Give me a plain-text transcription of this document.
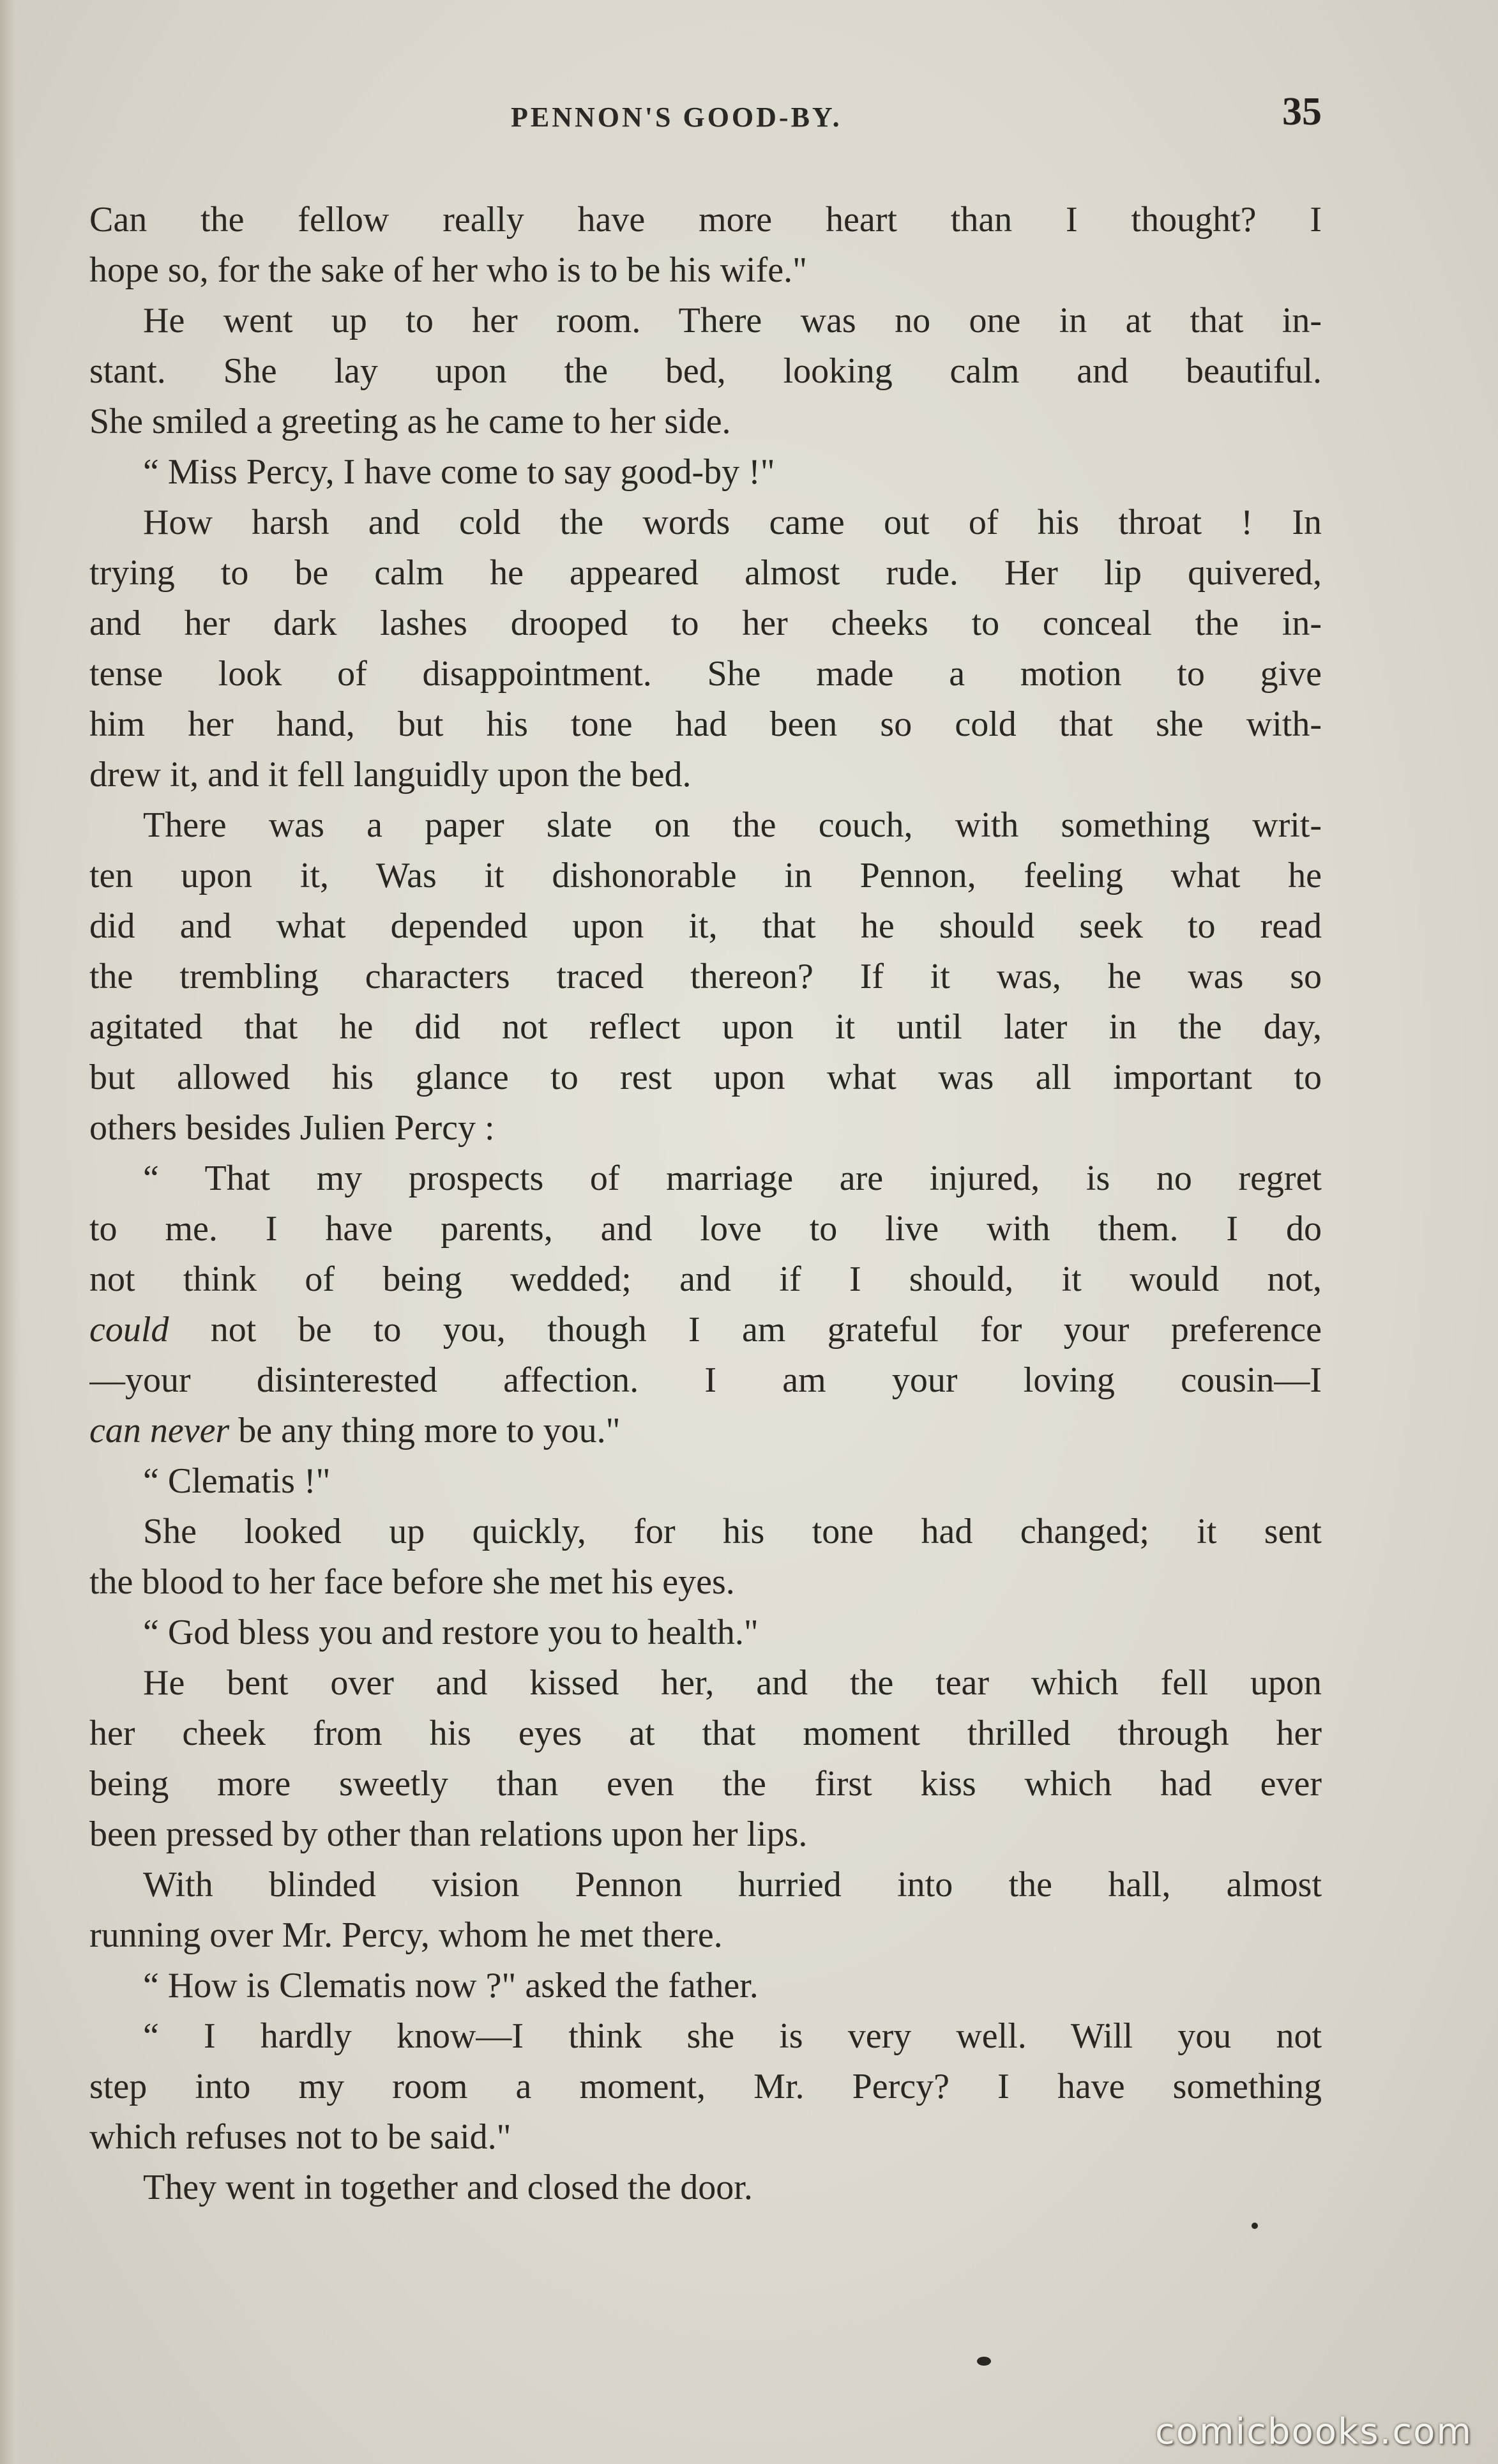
PENNON'S GOOD-BY.	35
Can the fellow really have more heart than I thought? I
hope so, for the sake of her who is to be his wife."
He went up to her room. There was no one in at that in-
stant. She lay upon the bed, looking calm and beautiful.
She smiled a greeting as he came to her side.
“ Miss Percy, I have come to say good-by !"
How harsh and cold the words came out of his throat ! In
trying to be calm he appeared almost rude. Her lip quivered,
and her dark lashes drooped to her cheeks to conceal the in-
tense look of disappointment. She made a motion to give
him her hand, but his tone had been so cold that she with-
drew it, and it fell languidly upon the bed.
There was a paper slate on the couch, with something writ-
ten upon it, Was it dishonorable in Pennon, feeling what he
did and what depended upon it, that he should seek to read
the trembling characters traced thereon? If it was, he was so
agitated that he did not reflect upon it until later in the day,
but allowed his glance to rest upon what was all important to
others besides Julien Percy :
“ That my prospects of marriage are injured, is no regret
to me. I have parents, and love to live with them. I do
not think of being wedded; and if I should, it would not,
could not be to you, though I am grateful for your preference
—your disinterested affection. I am your loving cousin—I
can never be any thing more to you."
“ Clematis !"
She looked up quickly, for his tone had changed; it sent
the blood to her face before she met his eyes.
“ God bless you and restore you to health."
He bent over and kissed her, and the tear which fell upon
her cheek from his eyes at that moment thrilled through her
being more sweetly than even the first kiss which had ever
been pressed by other than relations upon her lips.
With blinded vision Pennon hurried into the hall, almost
running over Mr. Percy, whom he met there.
“ How is Clematis now ?" asked the father.
“ I hardly know—I think she is very well. Will you not
step into my room a moment, Mr. Percy? I have something
which refuses not to be said."
They went in together and closed the door.
comicbooks.com
